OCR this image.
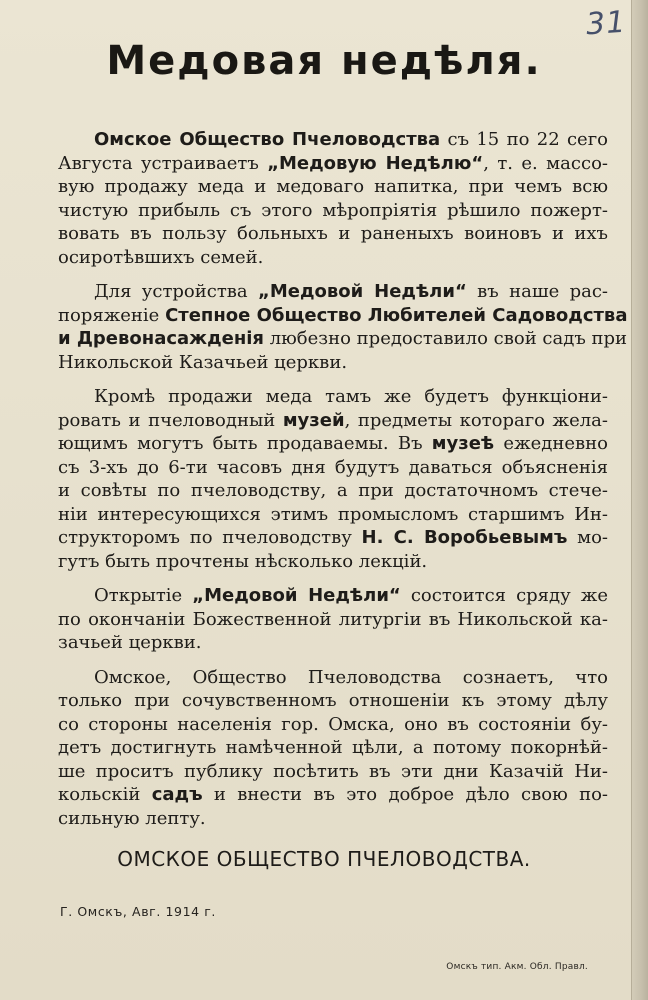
31
Медовая недѣля.
Омское Общество Пчеловодства съ 15 по 22 сего
Августа устраиваетъ „Медовую Недѣлю“, т. е. массо-
вую продажу меда и медоваго напитка, при чемъ всю
чистую прибыль съ этого мѣропріятія рѣшило пожерт-
вовать въ пользу больныхъ и раненыхъ воиновъ и ихъ
осиротѣвшихъ семей.
Для устройства „Медовой Недѣли“ въ наше рас-
поряженіе Степное Общество Любителей Садоводства
и Древонасажденія любезно предоставило свой садъ при
Никольской Казачьей церкви.
Кромѣ продажи меда тамъ же будетъ функціони-
ровать и пчеловодный музей, предметы котораго жела-
ющимъ могутъ быть продаваемы. Въ музеѣ ежедневно
съ 3-хъ до 6-ти часовъ дня будутъ даваться объясненія
и совѣты по пчеловодству, а при достаточномъ стече-
ніи интересующихся этимъ промысломъ старшимъ Ин-
структоромъ по пчеловодству Н. С. Воробьевымъ мо-
гутъ быть прочтены нѣсколько лекцій.
Открытіе „Медовой Недѣли“ состоится сряду же
по окончаніи Божественной литургіи въ Никольской ка-
зачьей церкви.
Омское, Общество Пчеловодства сознаетъ, что
только при сочувственномъ отношеніи къ этому дѣлу
со стороны населенія гор. Омска, оно въ состояніи бу-
детъ достигнуть намѣченной цѣли, а потому покорнѣй-
ше проситъ публику посѣтить въ эти дни Казачій Ни-
кольскій садъ и внести въ это доброе дѣло свою по-
сильную лепту.
ОМСКОЕ ОБЩЕСТВО ПЧЕЛОВОДСТВА.
Г. Омскъ, Авг. 1914 г.
Омскъ тип. Акм. Обл. Правл.
